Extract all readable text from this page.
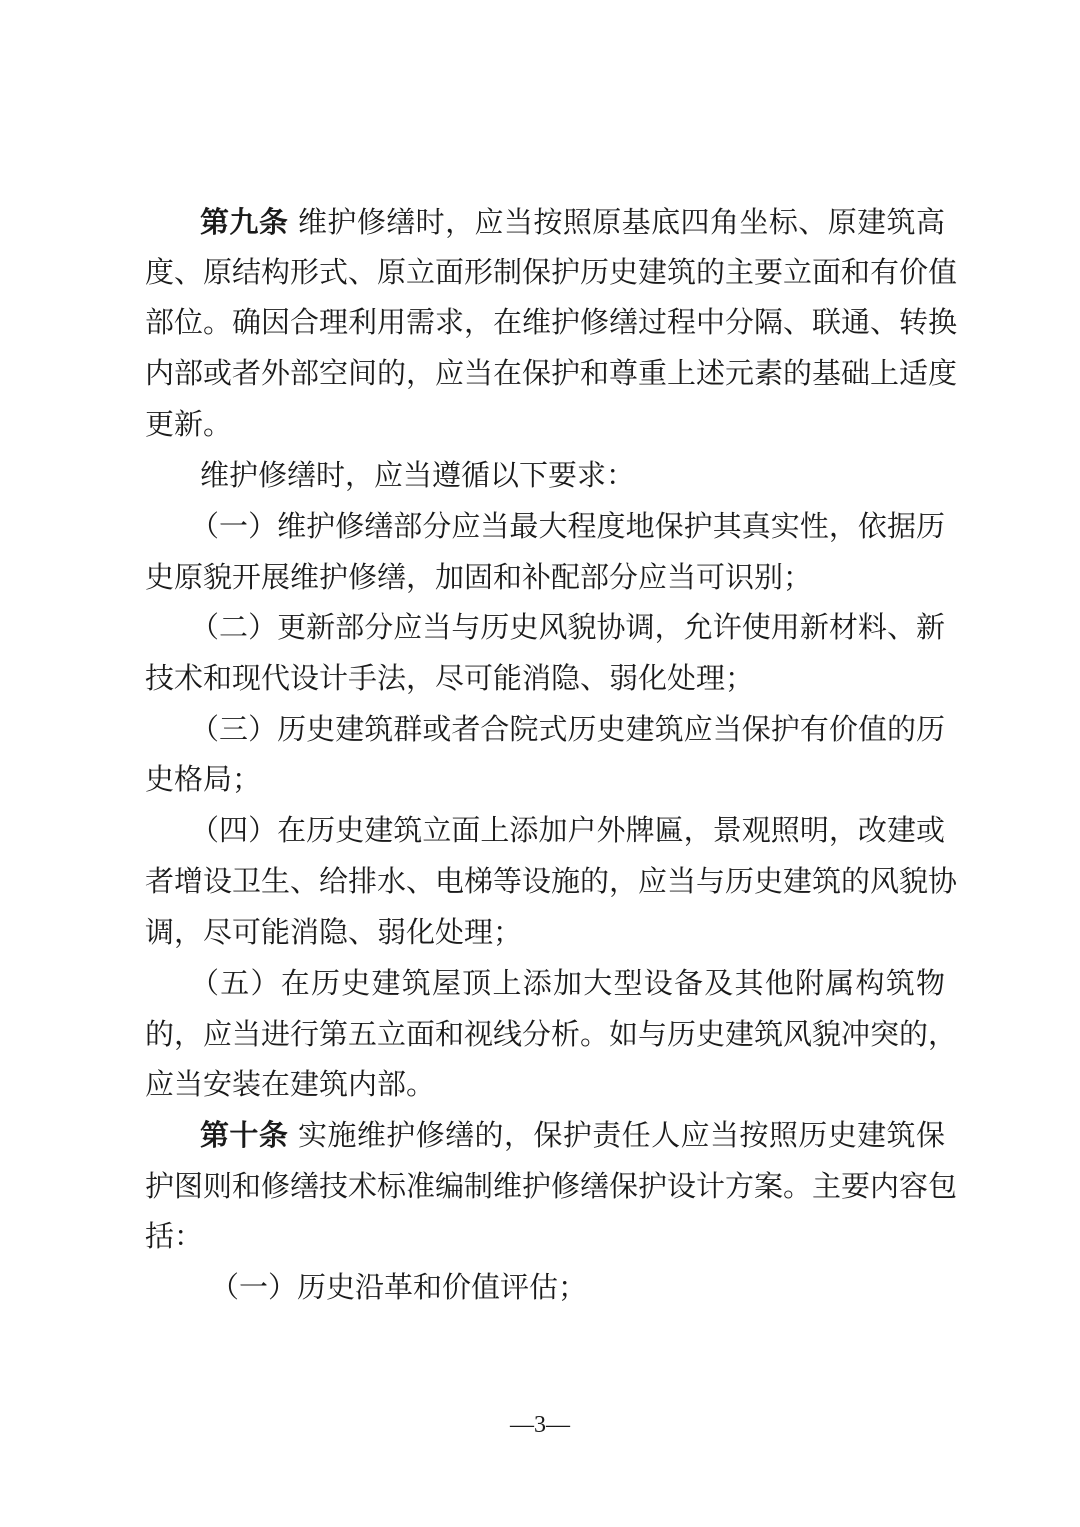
第九条 维护修缮时，应当按照原基底四角坐标、原建筑高
度、原结构形式、原立面形制保护历史建筑的主要立面和有价值
部位。确因合理利用需求，在维护修缮过程中分隔、联通、转换
内部或者外部空间的，应当在保护和尊重上述元素的基础上适度
更新。
维护修缮时，应当遵循以下要求：
（一）维护修缮部分应当最大程度地保护其真实性，依据历
史原貌开展维护修缮，加固和补配部分应当可识别；
（二）更新部分应当与历史风貌协调，允许使用新材料、新
技术和现代设计手法，尽可能消隐、弱化处理；
（三）历史建筑群或者合院式历史建筑应当保护有价值的历
史格局；
（四）在历史建筑立面上添加户外牌匾，景观照明，改建或
者增设卫生、给排水、电梯等设施的，应当与历史建筑的风貌协
调，尽可能消隐、弱化处理；
（五）在历史建筑屋顶上添加大型设备及其他附属构筑物
的，应当进行第五立面和视线分析。如与历史建筑风貌冲突的，
应当安装在建筑内部。
第十条 实施维护修缮的，保护责任人应当按照历史建筑保
护图则和修缮技术标准编制维护修缮保护设计方案。主要内容包
括：
（一）历史沿革和价值评估；
—3—
